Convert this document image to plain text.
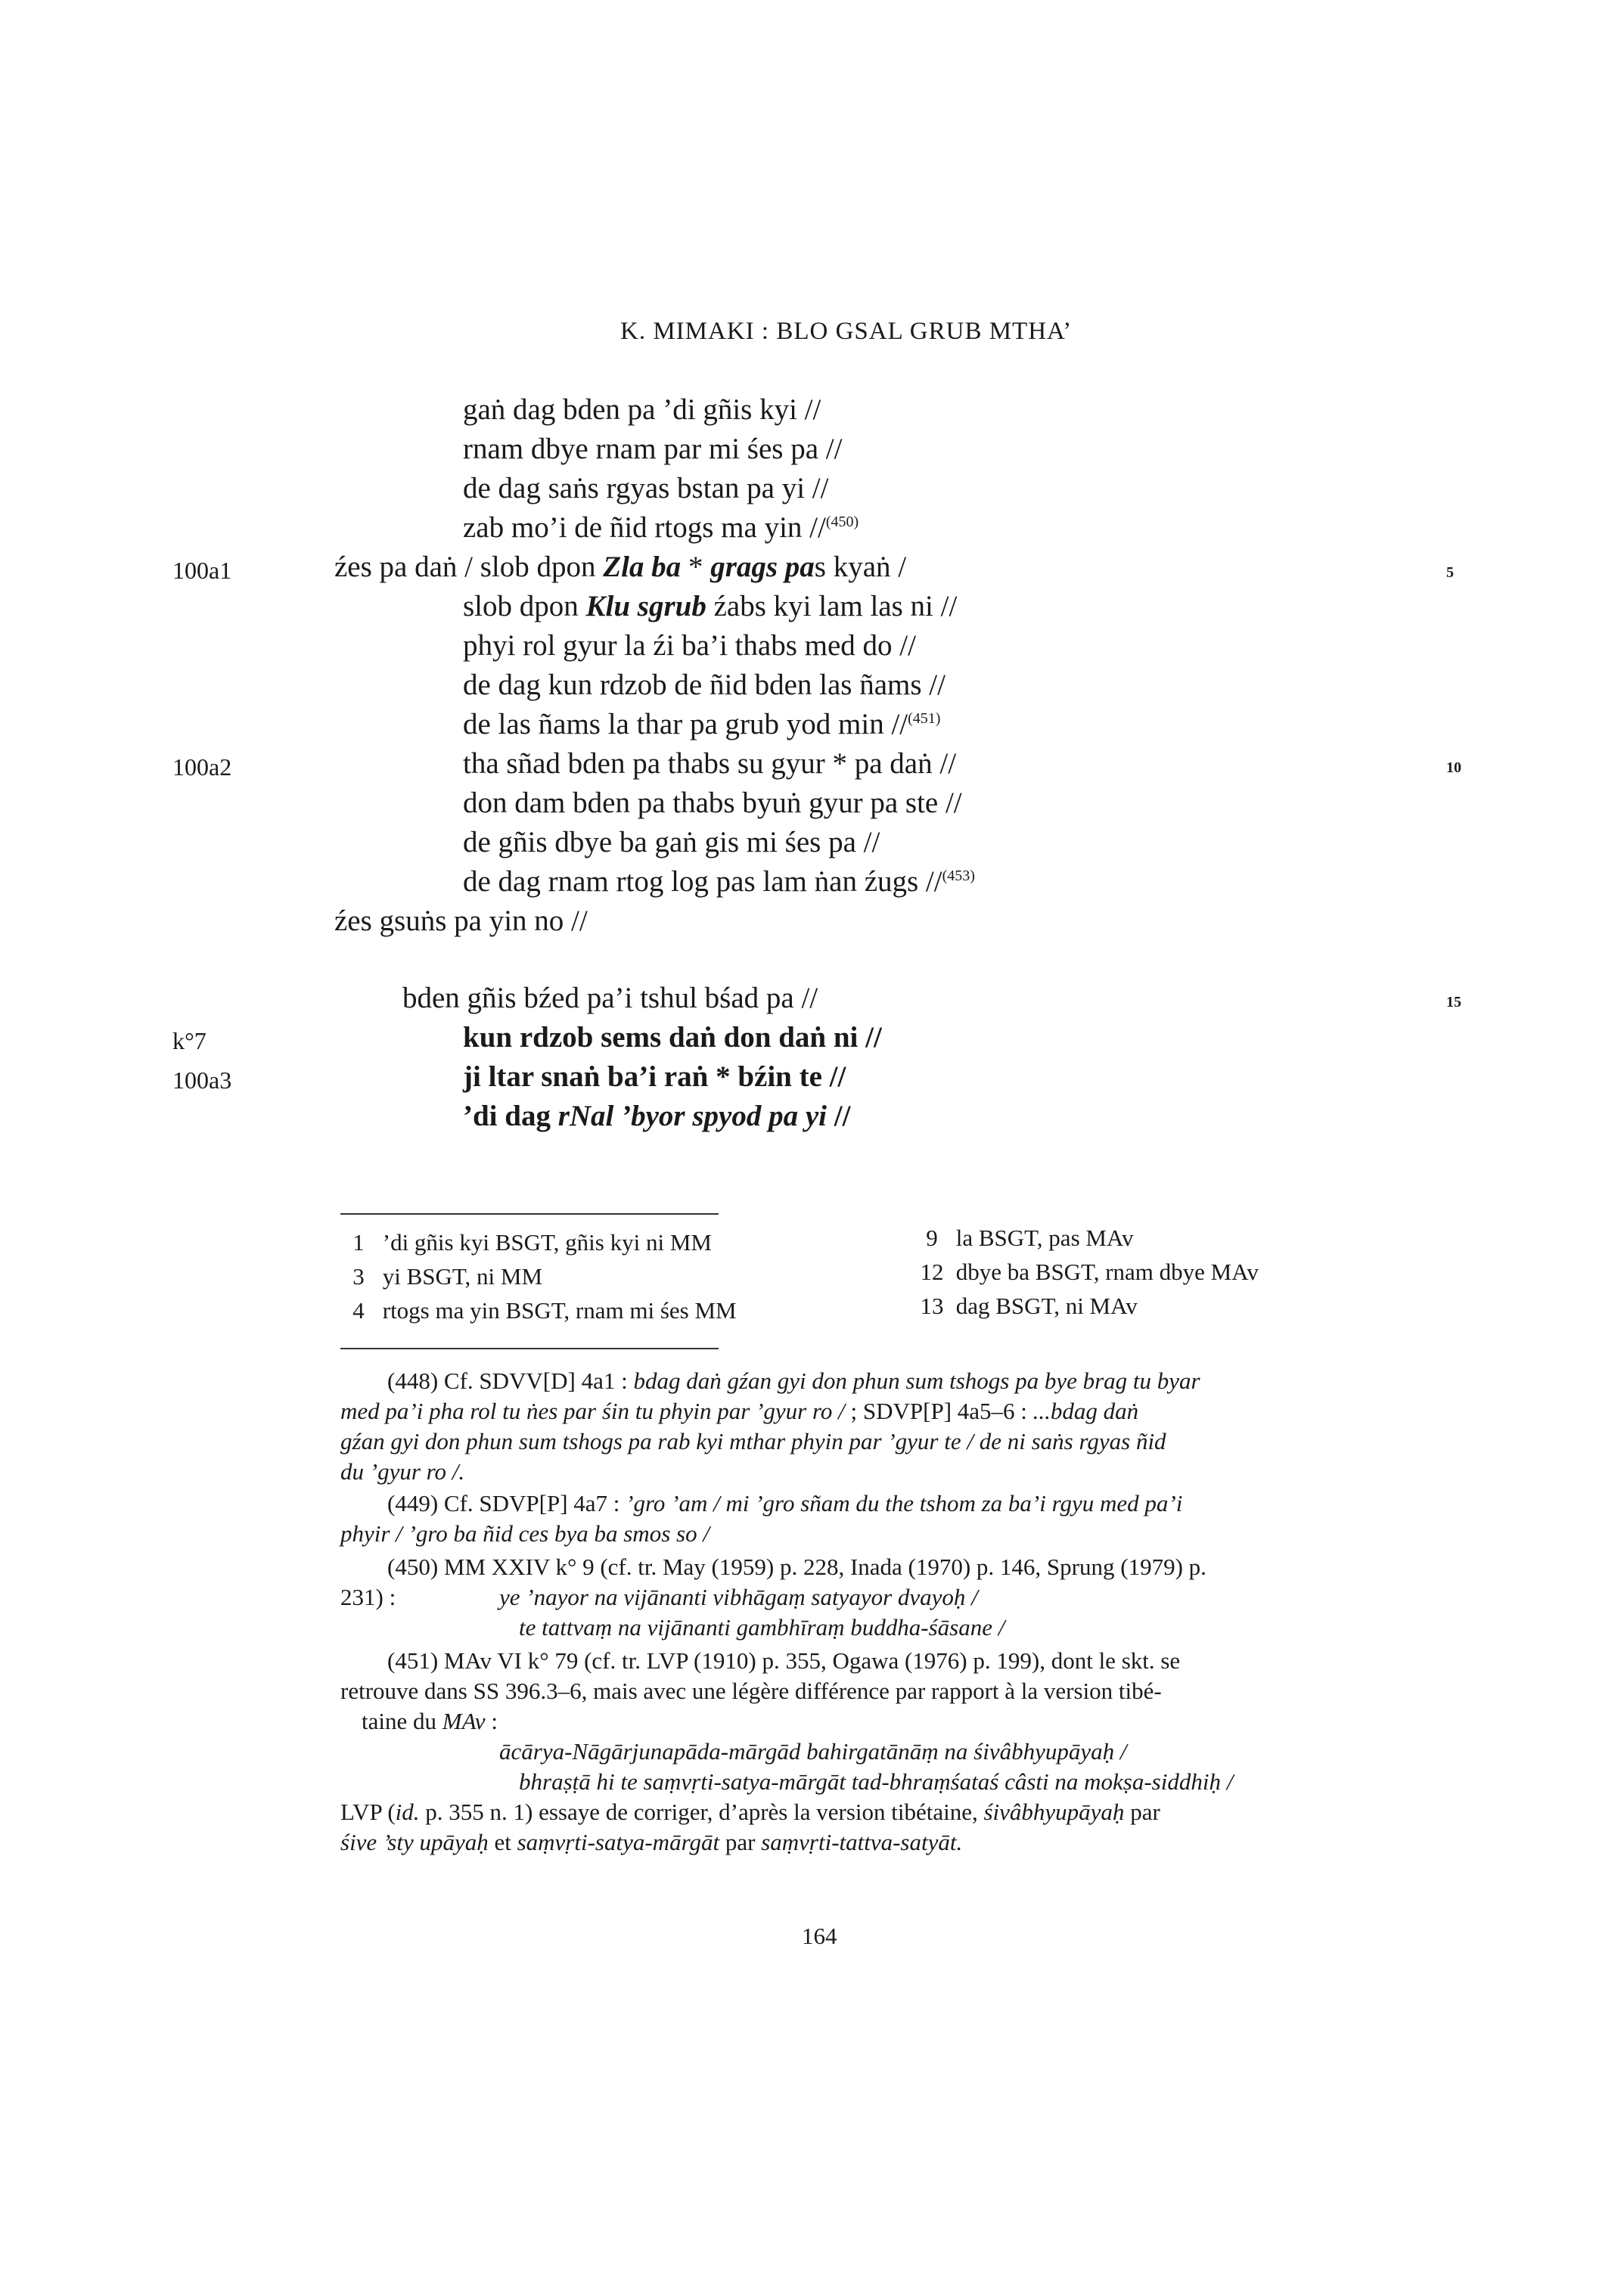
K. MIMAKI : BLO GSAL GRUB MTHA’
gaṅ dag bden pa ’di gñis kyi //
rnam dbye rnam par mi śes pa //
de dag saṅs rgyas bstan pa yi //
zab mo’i de ñid rtogs ma yin //$^{(450)}$
100a1	źes pa daṅ / slob dpon Zla ba * grags pas kyaṅ /	5
slob dpon Klu sgrub źabs kyi lam las ni //
phyi rol gyur la źi ba’i thabs med do //
de dag kun rdzob de ñid bden las ñams //
de las ñams la thar pa grub yod min //$^{(451)}$
100a2	tha sñad bden pa thabs su gyur * pa daṅ //	10
don dam bden pa thabs byuṅ gyur pa ste //
de gñis dbye ba gaṅ gis mi śes pa //
de dag rnam rtog log pas lam ṅan źugs //$^{(453)}$
źes gsuṅs pa yin no //
bden gñis bźed pa’i tshul bśad pa //	15
k°7
100a3
kun rdzob sems daṅ don daṅ ni //
ji ltar snaṅ ba’i raṅ * bźin te //
’di dag rNal ’byor spyod pa yi //
1 ’di gñis kyi BSGT, gñis kyi ni MM
3 yi BSGT, ni MM
4 rtogs ma yin BSGT, rnam mi śes MM
9 la BSGT, pas MAv
12 dbye ba BSGT, rnam dbye MAv
13 dag BSGT, ni MAv
(448) Cf. SDVV[D] 4a1 : bdag daṅ gźan gyi don phun sum tshogs pa bye brag tu byar
med pa’i pha rol tu ṅes par śin tu phyin par ’gyur ro / ; SDVP[P] 4a5–6 : ...bdag daṅ
gźan gyi don phun sum tshogs pa rab kyi mthar phyin par ’gyur te / de ni saṅs rgyas ñid
du ’gyur ro /.
(449) Cf. SDVP[P] 4a7 : ’gro ’am / mi ’gro sñam du the tshom za ba’i rgyu med pa’i
phyir / ’gro ba ñid ces bya ba smos so /
(450) MM XXIV k° 9 (cf. tr. May (1959) p. 228, Inada (1970) p. 146, Sprung (1979) p.
231) :	ye ’nayor na vijānanti vibhāgaṃ satyayor dvayoḥ /
te tattvaṃ na vijānanti gambhīraṃ buddha-śāsane /
(451) MAv VI k° 79 (cf. tr. LVP (1910) p. 355, Ogawa (1976) p. 199), dont le skt. se
retrouve dans SS 396.3–6, mais avec une légère différence par rapport à la version tibé-
taine du MAv :
ācārya-Nāgārjunapāda-mārgād bahirgatānāṃ na śivâbhyupāyaḥ /
bhraṣṭā hi te saṃvṛti-satya-mārgāt tad-bhraṃśataś câsti na mokṣa-siddhiḥ /
LVP (id. p. 355 n. 1) essaye de corriger, d’après la version tibétaine, śivâbhyupāyaḥ par
śive ’sty upāyaḥ et saṃvṛti-satya-mārgāt par saṃvṛti-tattva-satyāt.
164
